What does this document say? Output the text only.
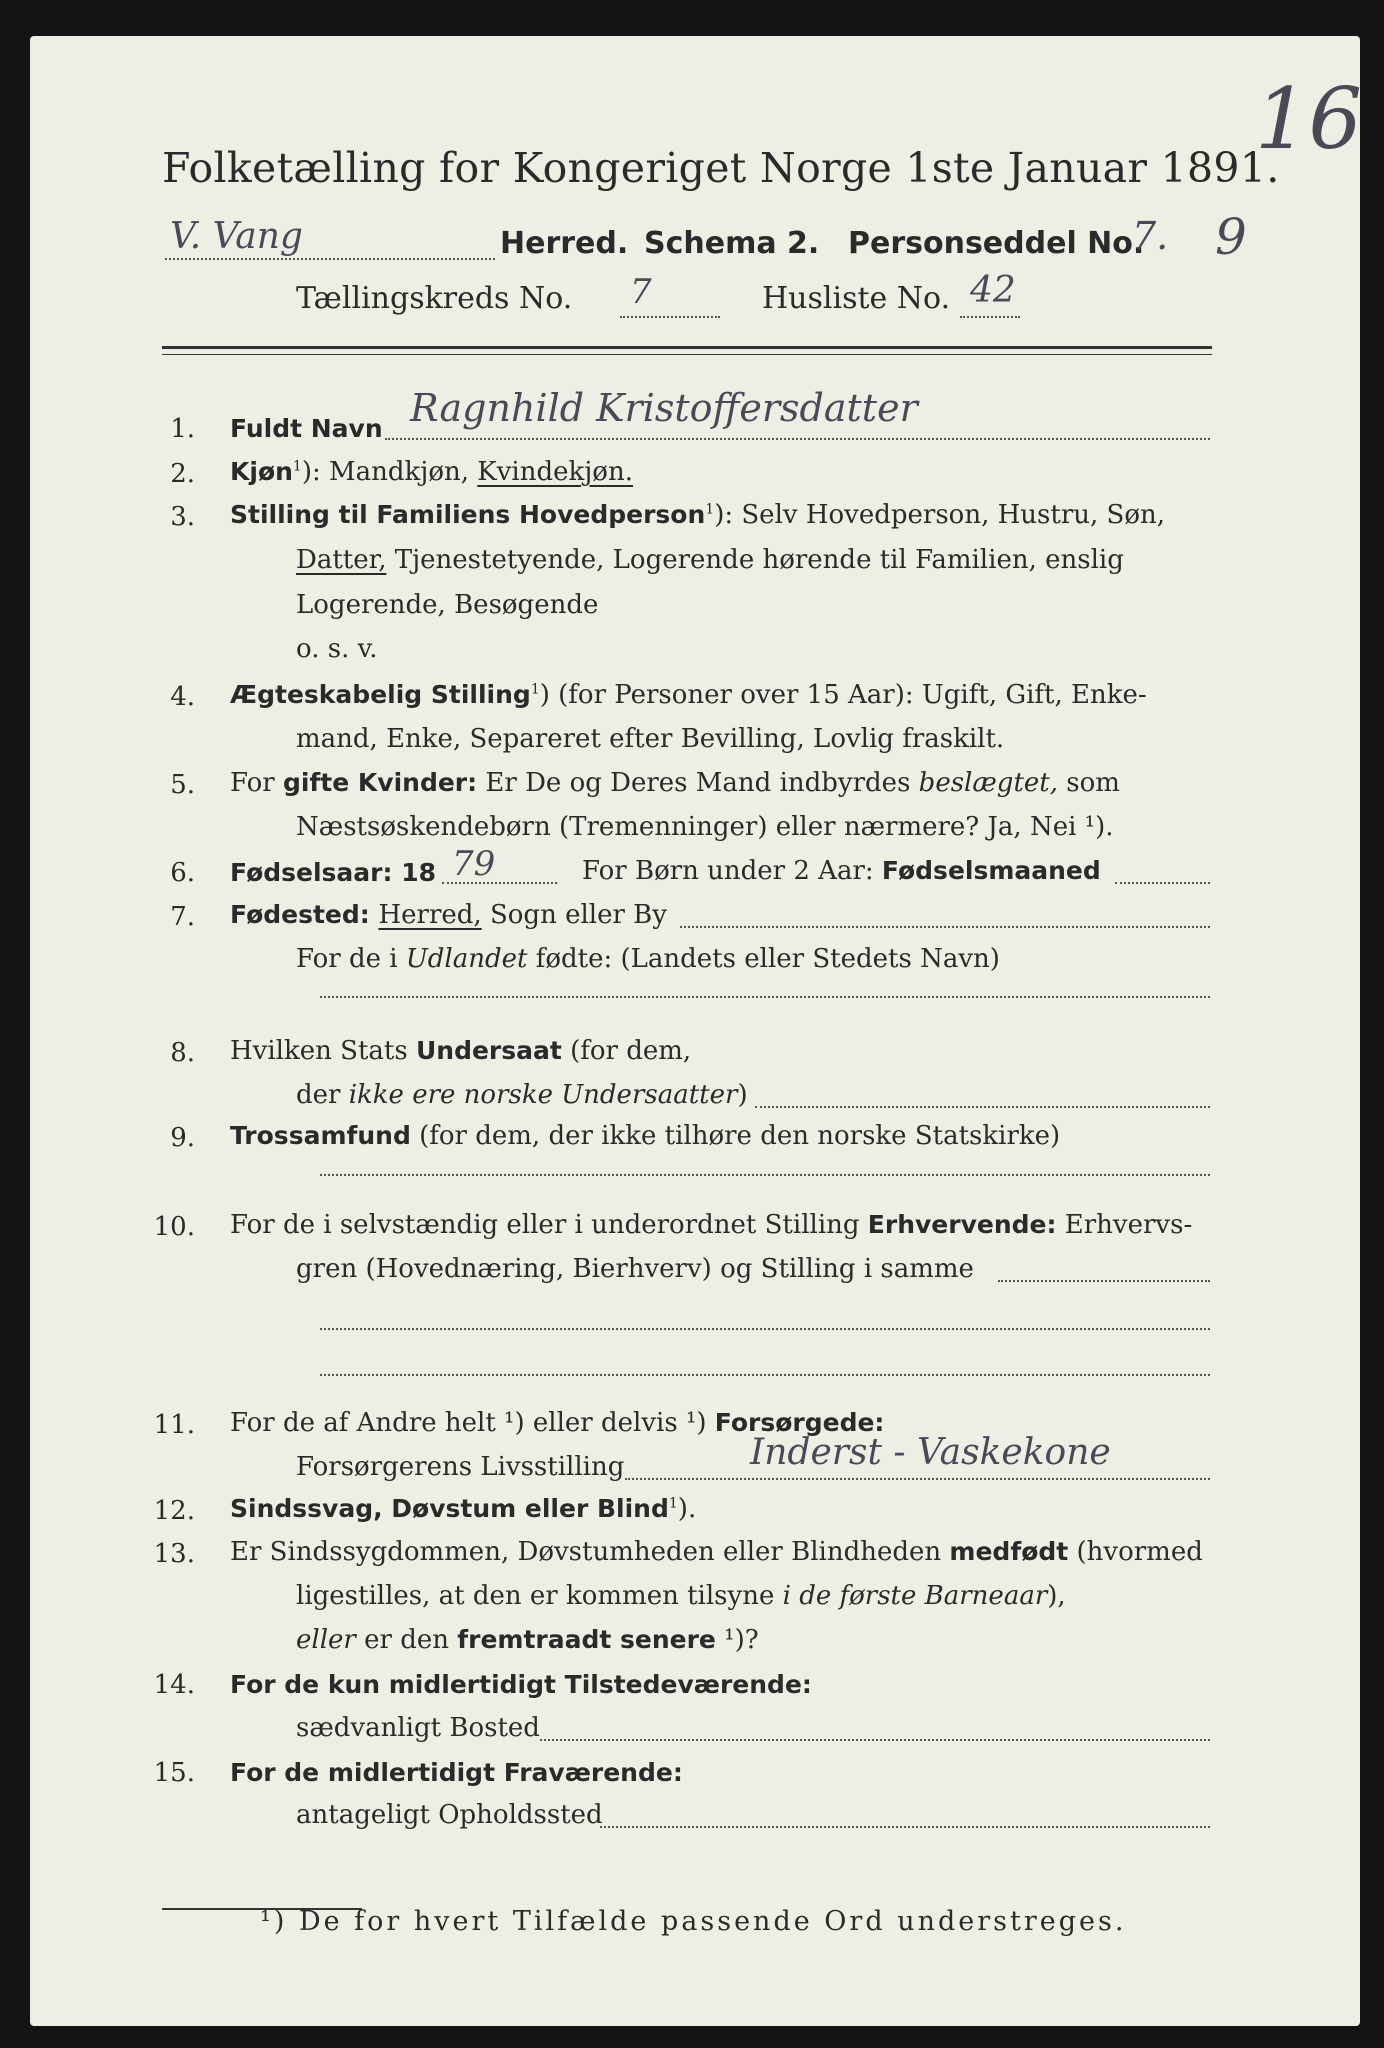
Folketælling for Kongeriget Norge 1ste Januar 1891.
16
V. Vang	Herred. Schema 2. Personseddel No.
7. 9
Tællingskreds No. 7	Husliste No. 42
1. Fuldt Navn Ragnhild Kristoffersdatter
2. Kjøn$^1$): Mandkjøn, Kvindekjøn.
3. Stilling til Familiens Hovedperson$^1$): Selv Hovedperson, Hustru, Søn,
Datter, Tjenestetyende, Logerende hørende til Familien, enslig
Logerende, Besøgende
o. s. v.
4. Ægteskabelig Stilling$^1$) (for Personer over 15 Aar): Ugift, Gift, Enke-
mand, Enke, Separeret efter Bevilling, Lovlig fraskilt.
5. For gifte Kvinder: Er De og Deres Mand indbyrdes beslægtet, som
Næstsøskendebørn (Tremenninger) eller nærmere? Ja, Nei ¹).
6. Fødselsaar: 18 79	For Børn under 2 Aar: Fødselsmaaned
7. Fødested: Herred, Sogn eller By
For de i Udlandet fødte: (Landets eller Stedets Navn)
8. Hvilken Stats Undersaat (for dem,
der ikke ere norske Undersaatter)
9. Trossamfund (for dem, der ikke tilhøre den norske Statskirke)
10. For de i selvstændig eller i underordnet Stilling Erhvervende: Erhvervs-
gren (Hovednæring, Bierhverv) og Stilling i samme
11. For de af Andre helt ¹) eller delvis ¹) Forsørgede:
Forsørgerens Livsstilling	Inderst - Vaskekone
12. Sindssvag, Døvstum eller Blind$^1$).
13. Er Sindssygdommen, Døvstumheden eller Blindheden medfødt (hvormed
ligestilles, at den er kommen tilsyne i de første Barneaar),
eller er den fremtraadt senere ¹)?
14. For de kun midlertidigt Tilstedeværende:
sædvanligt Bosted
15. For de midlertidigt Fraværende:
antageligt Opholdssted
¹) De for hvert Tilfælde passende Ord understreges.
